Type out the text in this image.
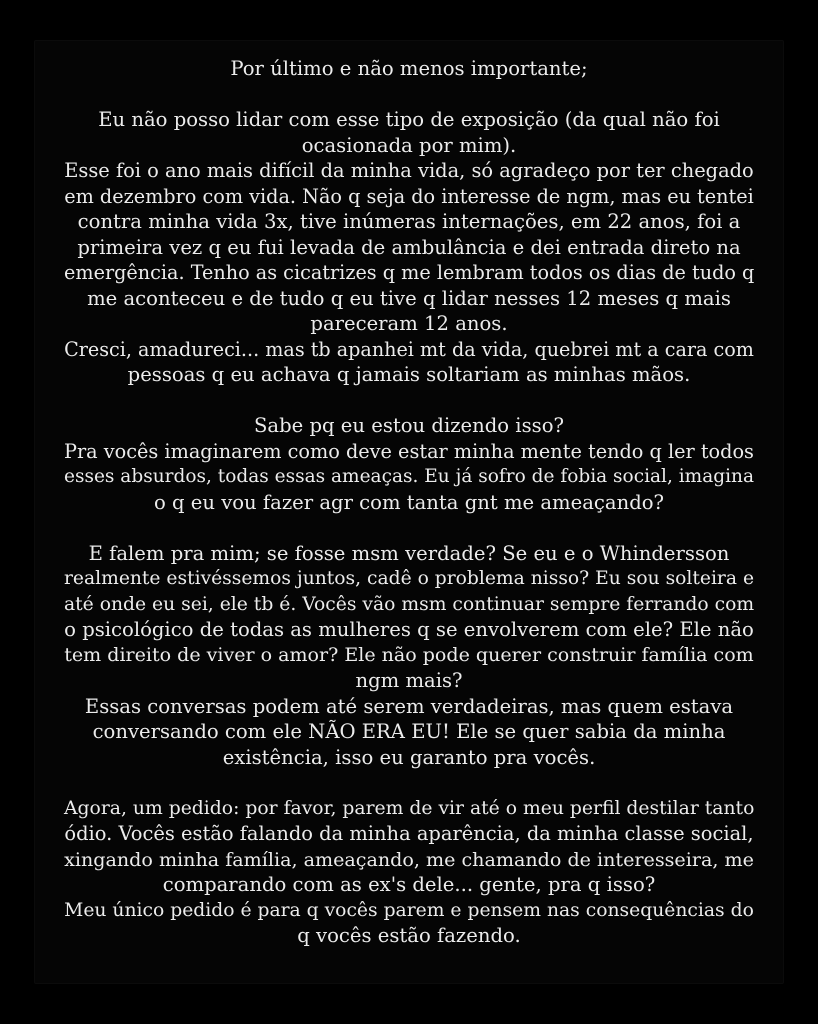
Por último e não menos importante;
Eu não posso lidar com esse tipo de exposição (da qual não foi
ocasionada por mim).
Esse foi o ano mais difícil da minha vida, só agradeço por ter chegado
em dezembro com vida. Não q seja do interesse de ngm, mas eu tentei
contra minha vida 3x, tive inúmeras internações, em 22 anos, foi a
primeira vez q eu fui levada de ambulância e dei entrada direto na
emergência. Tenho as cicatrizes q me lembram todos os dias de tudo q
me aconteceu e de tudo q eu tive q lidar nesses 12 meses q mais
pareceram 12 anos.
Cresci, amadureci... mas tb apanhei mt da vida, quebrei mt a cara com
pessoas q eu achava q jamais soltariam as minhas mãos.
Sabe pq eu estou dizendo isso?
Pra vocês imaginarem como deve estar minha mente tendo q ler todos
esses absurdos, todas essas ameaças. Eu já sofro de fobia social, imagina
o q eu vou fazer agr com tanta gnt me ameaçando?
E falem pra mim; se fosse msm verdade? Se eu e o Whindersson
realmente estivéssemos juntos, cadê o problema nisso? Eu sou solteira e
até onde eu sei, ele tb é. Vocês vão msm continuar sempre ferrando com
o psicológico de todas as mulheres q se envolverem com ele? Ele não
tem direito de viver o amor? Ele não pode querer construir família com
ngm mais?
Essas conversas podem até serem verdadeiras, mas quem estava
conversando com ele NÃO ERA EU! Ele se quer sabia da minha
existência, isso eu garanto pra vocês.
Agora, um pedido: por favor, parem de vir até o meu perfil destilar tanto
ódio. Vocês estão falando da minha aparência, da minha classe social,
xingando minha família, ameaçando, me chamando de interesseira, me
comparando com as ex's dele... gente, pra q isso?
Meu único pedido é para q vocês parem e pensem nas consequências do
q vocês estão fazendo.
